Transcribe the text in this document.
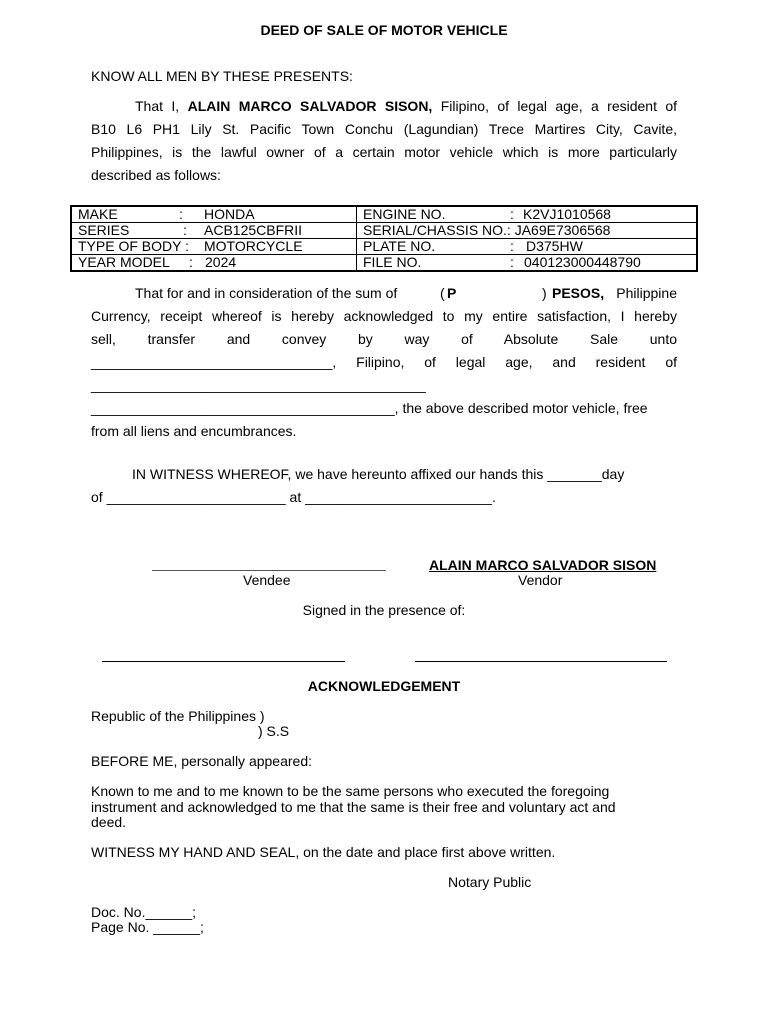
DEED OF SALE OF MOTOR VEHICLE
KNOW ALL MEN BY THESE PRESENTS:
That I, ALAIN MARCO SALVADOR SISON, Filipino, of legal age, a resident of
B10 L6 PH1 Lily St. Pacific Town Conchu (Lagundian) Trece Martires City, Cavite,
Philippines, is the lawful owner of a certain motor vehicle which is more particularly
described as follows:
MAKE : HONDA	ENGINE NO. : K2VJ1010568
SERIES : ACB125CBFRII	SERIAL/CHASSIS NO.: JA69E7306568
TYPE OF BODY : MOTORCYCLE	PLATE NO. : D375HW
YEAR MODEL : 2024	FILE NO. : 040123000448790
That for and in consideration of the sum of	( P	) PESOS, Philippine
Currency, receipt whereof is hereby acknowledged to my entire satisfaction, I hereby
sell, transfer and convey by way of Absolute Sale unto
_______________________________, Filipino, of legal age, and resident of
___________________________________________
_______________________________________, the above described motor vehicle, free
from all liens and encumbrances.
IN WITNESS WHEREOF, we have hereunto affixed our hands this _______day
of _______________________ at ________________________.
ALAIN MARCO SALVADOR SISON
Vendee	Vendor
Signed in the presence of:
ACKNOWLEDGEMENT
Republic of the Philippines )
) S.S
BEFORE ME, personally appeared:
Known to me and to me known to be the same persons who executed the foregoing
instrument and acknowledged to me that the same is their free and voluntary act and
deed.
WITNESS MY HAND AND SEAL, on the date and place first above written.
Notary Public
Doc. No.______;
Page No. ______;
